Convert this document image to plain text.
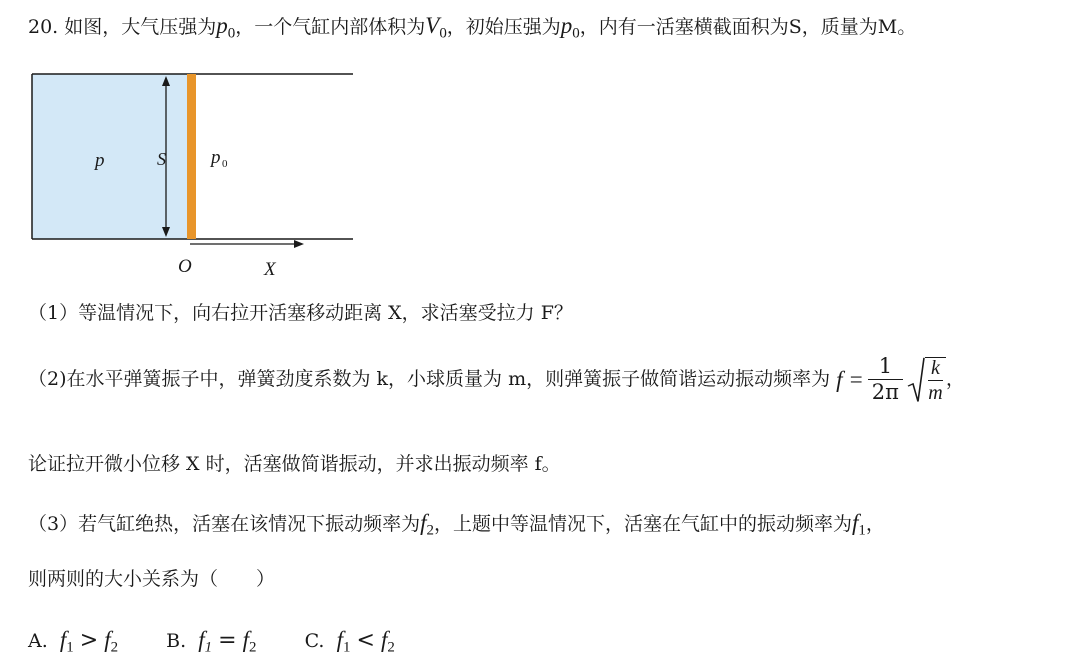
20. 如图，大气压强为$p_0$，一个气缸内部体积为$V_0$，初始压强为$p_0$，内有一活塞横截面积为S，质量为M。
p	S p 0
O	X
（1）等温情况下，向右拉开活塞移动距离 X，求活塞受拉力 F？
（2)在水平弹簧振子中，弹簧劲度系数为 k，小球质量为 m，则弹簧振子做简谐运动振动频率为 $f = \frac{1}{2\pi} \frac{k}{m}$ ，
论证拉开微小位移 X 时，活塞做简谐振动，并求出振动频率 f。
（3）若气缸绝热，活塞在该情况下振动频率为$f_2$，上题中等温情况下，活塞在气缸中的振动频率为$f_1$，
则两则的大小关系为（　　）
A. $f_1 > f_2$	B. $f_1 = f_2$	C. $f_1 < f_2$
